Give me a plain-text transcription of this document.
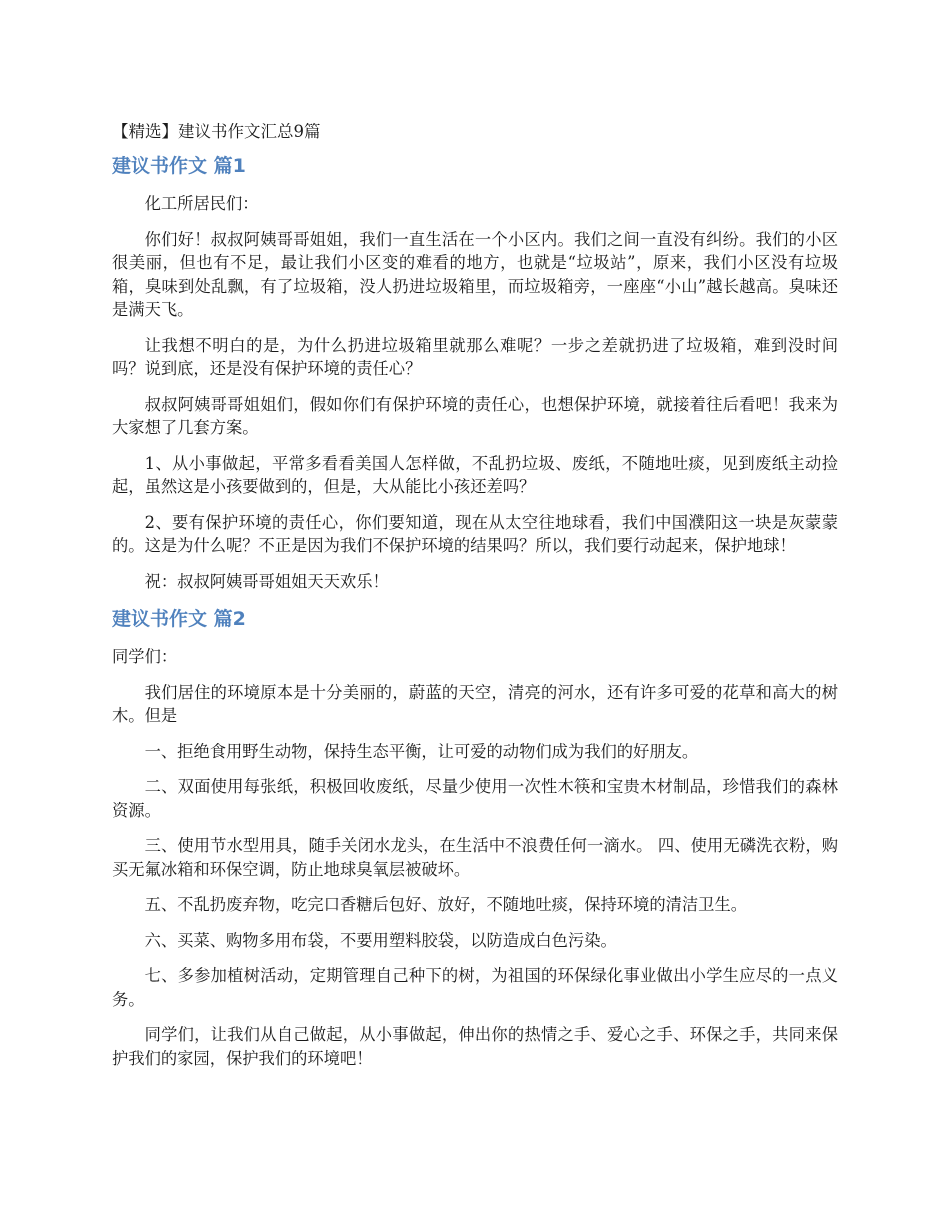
【精选】建议书作文汇总9篇

建议书作文 篇1

化工所居民们：

你们好！叔叔阿姨哥哥姐姐，我们一直生活在一个小区内。我们之间一直没有纠纷。我们的小区很美丽，但也有不足，最让我们小区变的难看的地方，也就是“垃圾站”，原来，我们小区没有垃圾箱，臭味到处乱飘，有了垃圾箱，没人扔进垃圾箱里，而垃圾箱旁，一座座“小山”越长越高。臭味还是满天飞。

让我想不明白的是，为什么扔进垃圾箱里就那么难呢？一步之差就扔进了垃圾箱，难到没时间吗？说到底，还是没有保护环境的责任心？

叔叔阿姨哥哥姐姐们，假如你们有保护环境的责任心，也想保护环境，就接着往后看吧！我来为大家想了几套方案。

1、从小事做起，平常多看看美国人怎样做，不乱扔垃圾、废纸，不随地吐痰，见到废纸主动捡起，虽然这是小孩要做到的，但是，大从能比小孩还差吗？

2、要有保护环境的责任心，你们要知道，现在从太空往地球看，我们中国濮阳这一块是灰蒙蒙的。这是为什么呢？不正是因为我们不保护环境的结果吗？所以，我们要行动起来，保护地球！

祝：叔叔阿姨哥哥姐姐天天欢乐！

建议书作文 篇2

同学们：

我们居住的环境原本是十分美丽的，蔚蓝的天空，清亮的河水，还有许多可爱的花草和高大的树木。但是

一、拒绝食用野生动物，保持生态平衡，让可爱的动物们成为我们的好朋友。

二、双面使用每张纸，积极回收废纸，尽量少使用一次性木筷和宝贵木材制品，珍惜我们的森林资源。

三、使用节水型用具，随手关闭水龙头，在生活中不浪费任何一滴水。 四、使用无磷洗衣粉，购买无氟冰箱和环保空调，防止地球臭氧层被破坏。

五、不乱扔废弃物，吃完口香糖后包好、放好，不随地吐痰，保持环境的清洁卫生。

六、买菜、购物多用布袋，不要用塑料胶袋，以防造成白色污染。

七、多参加植树活动，定期管理自己种下的树，为祖国的环保绿化事业做出小学生应尽的一点义务。

同学们，让我们从自己做起，从小事做起，伸出你的热情之手、爱心之手、环保之手，共同来保护我们的家园，保护我们的环境吧！
